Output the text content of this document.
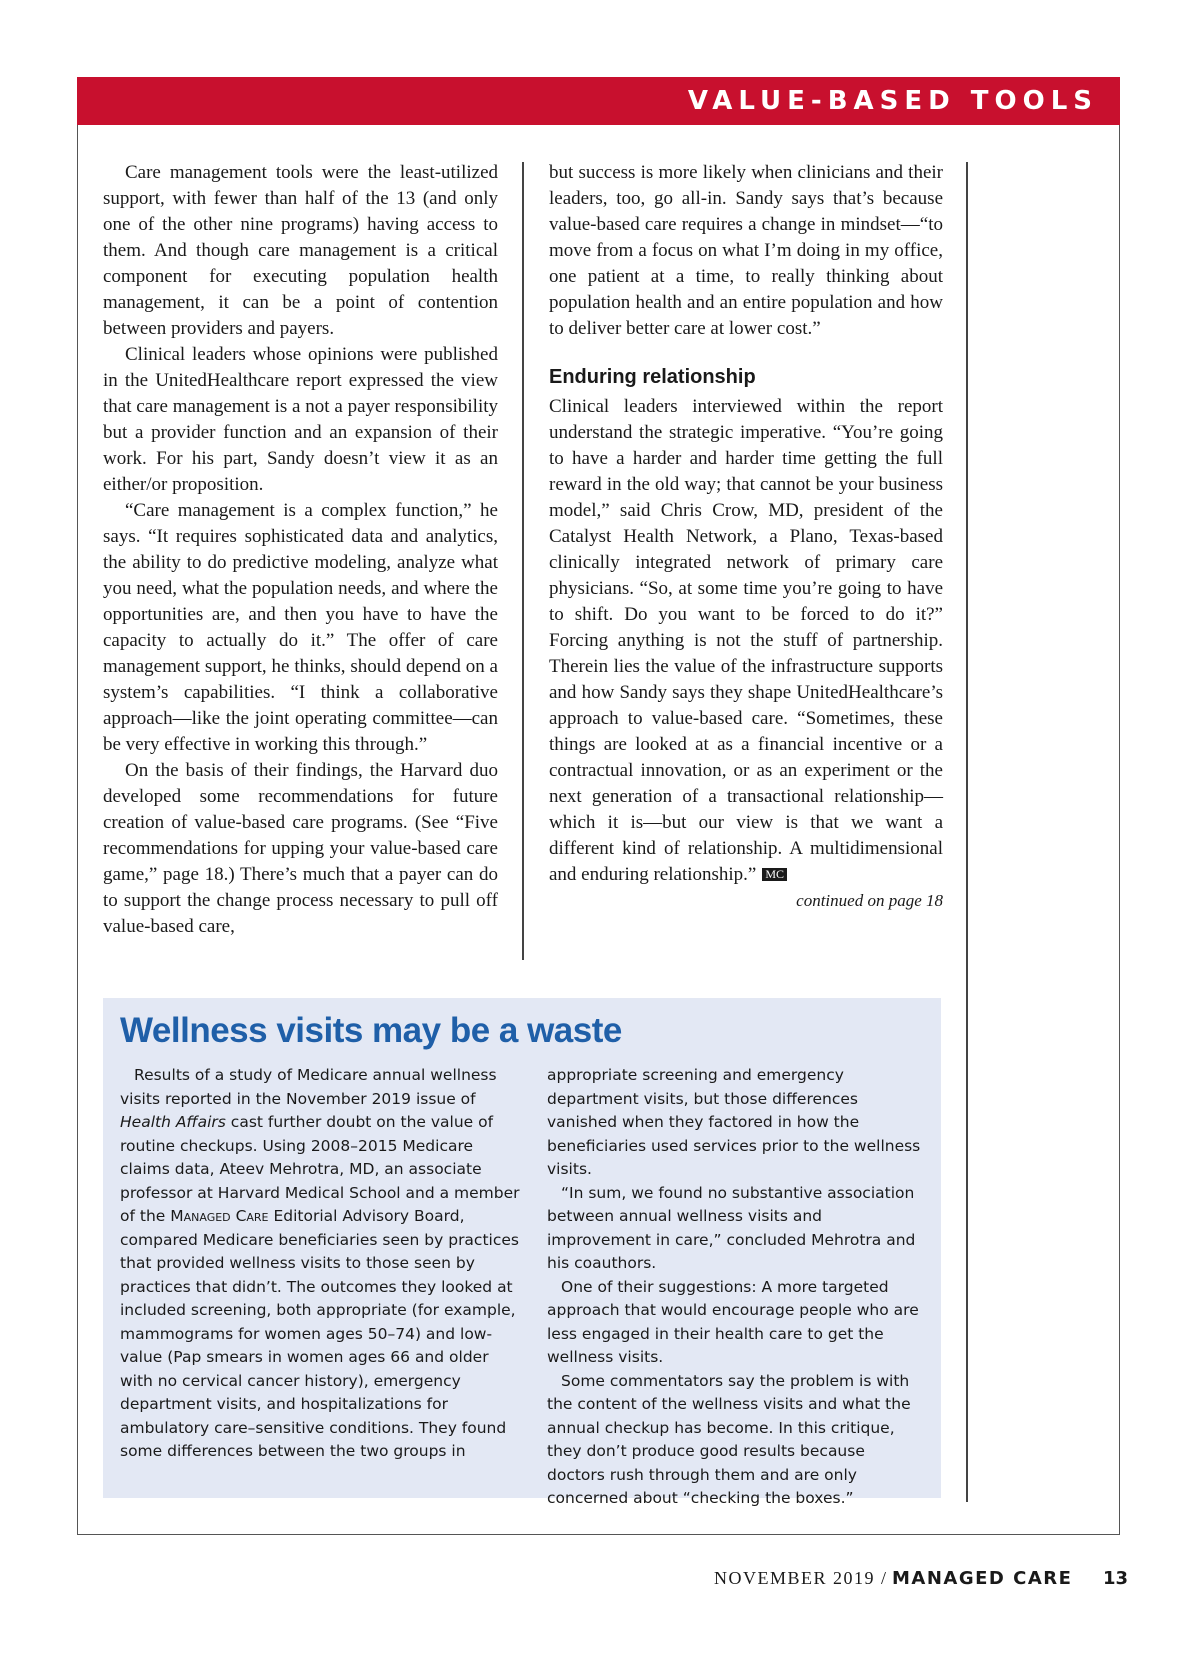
VALUE-BASED TOOLS

Care management tools were the least-utilized support, with fewer than half of the 13 (and only one of the other nine programs) having access to them. And though care management is a critical component for executing population health management, it can be a point of contention between providers and payers.

Clinical leaders whose opinions were published in the UnitedHealthcare report expressed the view that care management is a not a payer responsibility but a provider function and an expansion of their work. For his part, Sandy doesn’t view it as an either/or proposition.

“Care management is a complex function,” he says. “It requires sophisticated data and analytics, the ability to do predictive modeling, analyze what you need, what the population needs, and where the opportunities are, and then you have to have the capacity to actually do it.” The offer of care management support, he thinks, should depend on a system’s capabilities. “I think a collaborative approach—like the joint operating committee—can be very effective in working this through.”

On the basis of their findings, the Harvard duo developed some recommendations for future creation of value-based care programs. (See “Five recommendations for upping your value-based care game,” page 18.) There’s much that a payer can do to support the change process necessary to pull off value-based care,

but success is more likely when clinicians and their leaders, too, go all-in. Sandy says that’s because value-based care requires a change in mindset—“to move from a focus on what I’m doing in my office, one patient at a time, to really thinking about population health and an entire population and how to deliver better care at lower cost.”

Enduring relationship

Clinical leaders interviewed within the report understand the strategic imperative. “You’re going to have a harder and harder time getting the full reward in the old way; that cannot be your business model,” said Chris Crow, MD, president of the Catalyst Health Network, a Plano, Texas-based clinically integrated network of primary care physicians. “So, at some time you’re going to have to shift. Do you want to be forced to do it?” Forcing anything is not the stuff of partnership. Therein lies the value of the infrastructure supports and how Sandy says they shape UnitedHealthcare’s approach to value-based care. “Sometimes, these things are looked at as a financial incentive or a contractual innovation, or as an experiment or the next generation of a transactional relationship—which it is—but our view is that we want a different kind of relationship. A multidimensional and enduring relationship.” MC

continued on page 18

Wellness visits may be a waste

Results of a study of Medicare annual wellness visits reported in the November 2019 issue of Health Affairs cast further doubt on the value of routine checkups. Using 2008–2015 Medicare claims data, Ateev Mehrotra, MD, an associate professor at Harvard Medical School and a member of the Managed Care Editorial Advisory Board, compared Medicare beneficiaries seen by practices that provided wellness visits to those seen by practices that didn’t. The outcomes they looked at included screening, both appropriate (for example, mammograms for women ages 50–74) and low-value (Pap smears in women ages 66 and older with no cervical cancer history), emergency department visits, and hospitalizations for ambulatory care–sensitive conditions. They found some differences between the two groups in

appropriate screening and emergency department visits, but those differences vanished when they factored in how the beneficiaries used services prior to the wellness visits.

“In sum, we found no substantive association between annual wellness visits and improvement in care,” concluded Mehrotra and his coauthors.

One of their suggestions: A more targeted approach that would encourage people who are less engaged in their health care to get the wellness visits.

Some commentators say the problem is with the content of the wellness visits and what the annual checkup has become. In this critique, they don’t produce good results because doctors rush through them and are only concerned about “checking the boxes.”

NOVEMBER 2019 / MANAGED CARE 13
